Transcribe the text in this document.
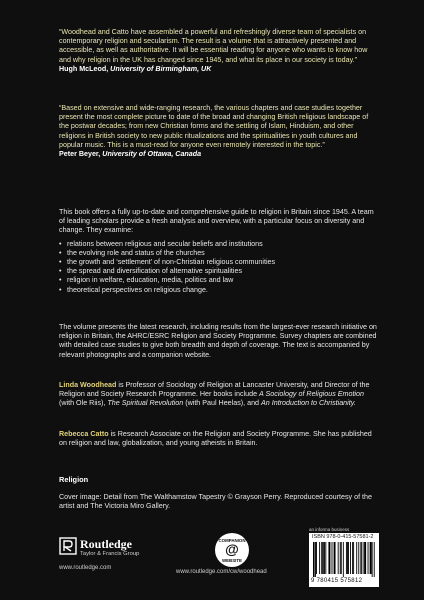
“Woodhead and Catto have assembled a powerful and refreshingly diverse team of specialists on contemporary religion and secularism. The result is a volume that is attractively presented and accessible, as well as authoritative. It will be essential reading for anyone who wants to know how and why religion in the UK has changed since 1945, and what its place in our society is today.”
Hugh McLeod, University of Birmingham, UK
“Based on extensive and wide-ranging research, the various chapters and case studies together present the most complete picture to date of the broad and changing British religious landscape of the postwar decades; from new Christian forms and the settling of Islam, Hinduism, and other religions in British society to new public ritualizations and the spiritualities in youth cultures and popular music. This is a must-read for anyone even remotely interested in the topic.”
Peter Beyer, University of Ottawa, Canada
This book offers a fully up-to-date and comprehensive guide to religion in Britain since 1945. A team of leading scholars provide a fresh analysis and overview, with a particular focus on diversity and change. They examine:
• relations between religious and secular beliefs and institutions
• the evolving role and status of the churches
• the growth and ‘settlement’ of non-Christian religious communities
• the spread and diversification of alternative spiritualities
• religion in welfare, education, media, politics and law
• theoretical perspectives on religious change.
The volume presents the latest research, including results from the largest-ever research initiative on religion in Britain, the AHRC/ESRC Religion and Society Programme. Survey chapters are combined with detailed case studies to give both breadth and depth of coverage. The text is accompanied by relevant photographs and a companion website.
Linda Woodhead is Professor of Sociology of Religion at Lancaster University, and Director of the Religion and Society Research Programme. Her books include A Sociology of Religious Emotion (with Ole Riis), The Spiritual Revolution (with Paul Heelas), and An Introduction to Christianity.
Rebecca Catto is Research Associate on the Religion and Society Programme. She has published on religion and law, globalization, and young atheists in Britain.
Religion
Cover image: Detail from The Walthamstow Tapestry © Grayson Perry. Reproduced courtesy of the artist and The Victoria Miro Gallery.
Routledge
Taylor & Francis Group
www.routledge.com
COMPANION
@
WEBSITE
www.routledge.com/cw/woodhead
an informa business
ISBN 978-0-415-57581-2
9 780415 575812
